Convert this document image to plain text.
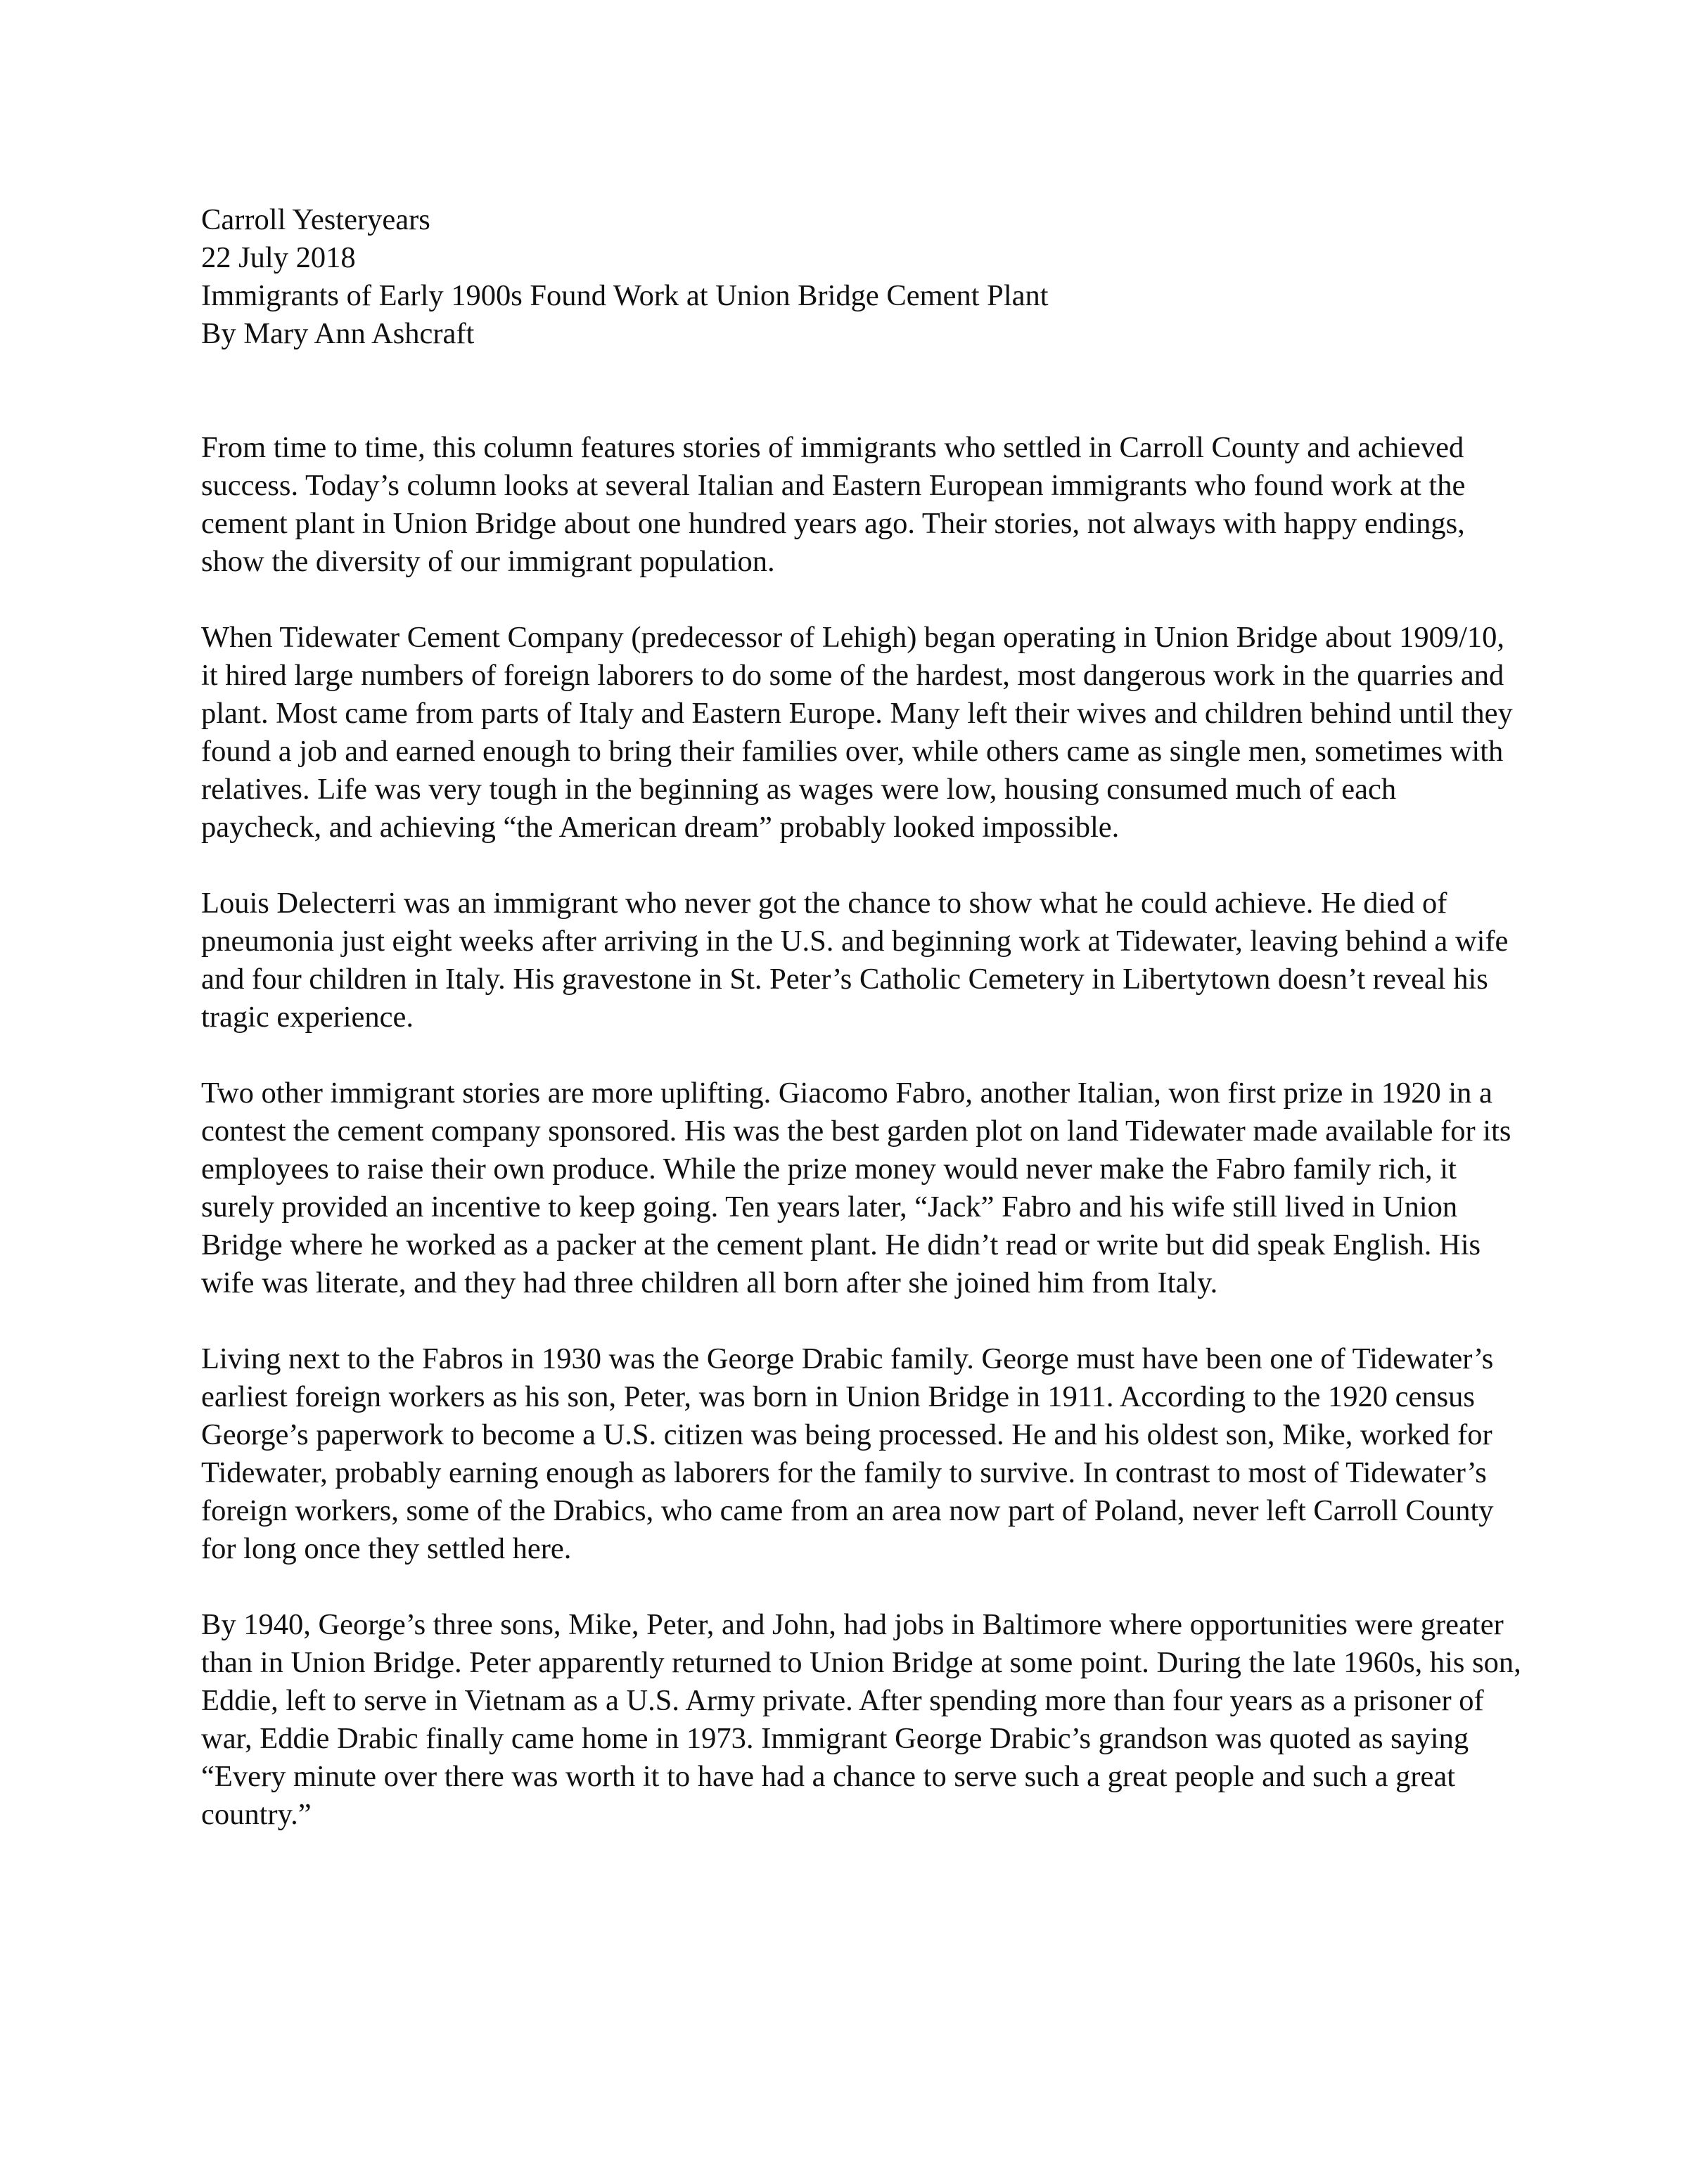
Carroll Yesteryears
22 July 2018
Immigrants of Early 1900s Found Work at Union Bridge Cement Plant
By Mary Ann Ashcraft

From time to time, this column features stories of immigrants who settled in Carroll County and achieved success. Today’s column looks at several Italian and Eastern European immigrants who found work at the cement plant in Union Bridge about one hundred years ago. Their stories, not always with happy endings, show the diversity of our immigrant population.

When Tidewater Cement Company (predecessor of Lehigh) began operating in Union Bridge about 1909/10, it hired large numbers of foreign laborers to do some of the hardest, most dangerous work in the quarries and plant. Most came from parts of Italy and Eastern Europe. Many left their wives and children behind until they found a job and earned enough to bring their families over, while others came as single men, sometimes with relatives. Life was very tough in the beginning as wages were low, housing consumed much of each paycheck, and achieving “the American dream” probably looked impossible.

Louis Delecterri was an immigrant who never got the chance to show what he could achieve. He died of pneumonia just eight weeks after arriving in the U.S. and beginning work at Tidewater, leaving behind a wife and four children in Italy. His gravestone in St. Peter’s Catholic Cemetery in Libertytown doesn’t reveal his tragic experience.

Two other immigrant stories are more uplifting. Giacomo Fabro, another Italian, won first prize in 1920 in a contest the cement company sponsored. His was the best garden plot on land Tidewater made available for its employees to raise their own produce. While the prize money would never make the Fabro family rich, it surely provided an incentive to keep going. Ten years later, “Jack” Fabro and his wife still lived in Union Bridge where he worked as a packer at the cement plant. He didn’t read or write but did speak English. His wife was literate, and they had three children all born after she joined him from Italy.

Living next to the Fabros in 1930 was the George Drabic family. George must have been one of Tidewater’s earliest foreign workers as his son, Peter, was born in Union Bridge in 1911. According to the 1920 census George’s paperwork to become a U.S. citizen was being processed. He and his oldest son, Mike, worked for Tidewater, probably earning enough as laborers for the family to survive. In contrast to most of Tidewater’s foreign workers, some of the Drabics, who came from an area now part of Poland, never left Carroll County for long once they settled here.

By 1940, George’s three sons, Mike, Peter, and John, had jobs in Baltimore where opportunities were greater than in Union Bridge. Peter apparently returned to Union Bridge at some point. During the late 1960s, his son, Eddie, left to serve in Vietnam as a U.S. Army private. After spending more than four years as a prisoner of war, Eddie Drabic finally came home in 1973. Immigrant George Drabic’s grandson was quoted as saying “Every minute over there was worth it to have had a chance to serve such a great people and such a great country.”
